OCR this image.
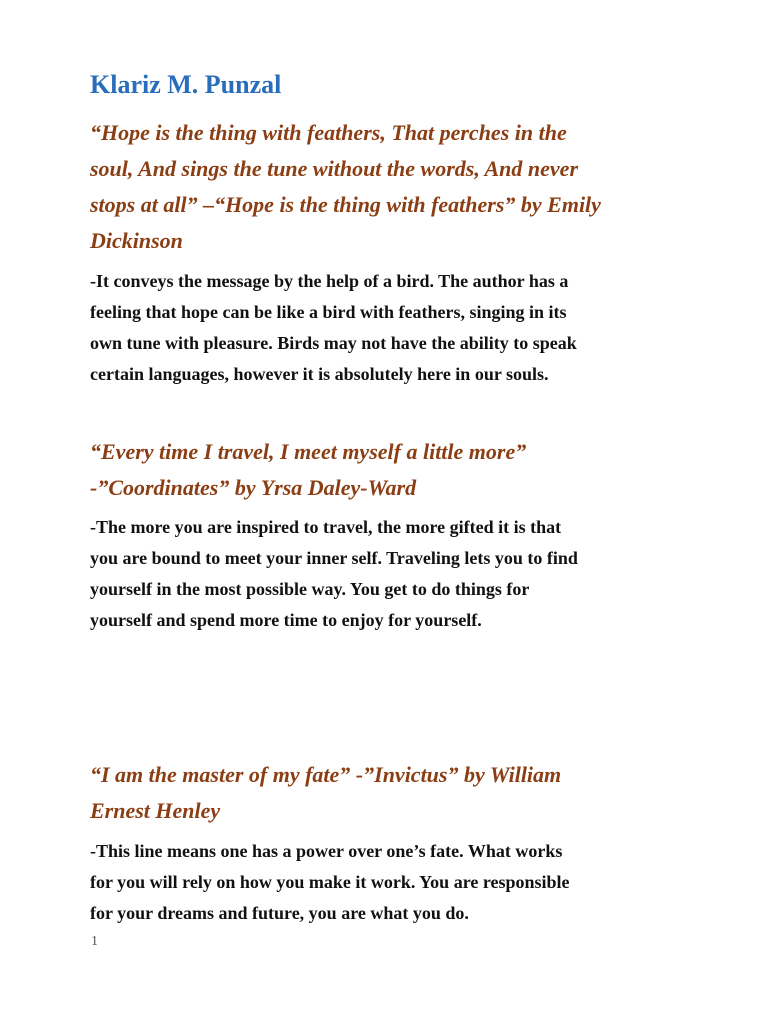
Klariz M. Punzal

“Hope is the thing with feathers, That perches in the
soul, And sings the tune without the words, And never
stops at all” –“Hope is the thing with feathers” by Emily
Dickinson

-It conveys the message by the help of a bird. The author has a
feeling that hope can be like a bird with feathers, singing in its
own tune with pleasure. Birds may not have the ability to speak
certain languages, however it is absolutely here in our souls.

“Every time I travel, I meet myself a little more”
-”Coordinates” by Yrsa Daley-Ward

-The more you are inspired to travel, the more gifted it is that
you are bound to meet your inner self. Traveling lets you to find
yourself in the most possible way. You get to do things for
yourself and spend more time to enjoy for yourself.

“I am the master of my fate” -”Invictus” by William
Ernest Henley

-This line means one has a power over one’s fate. What works
for you will rely on how you make it work. You are responsible
for your dreams and future, you are what you do.

1
